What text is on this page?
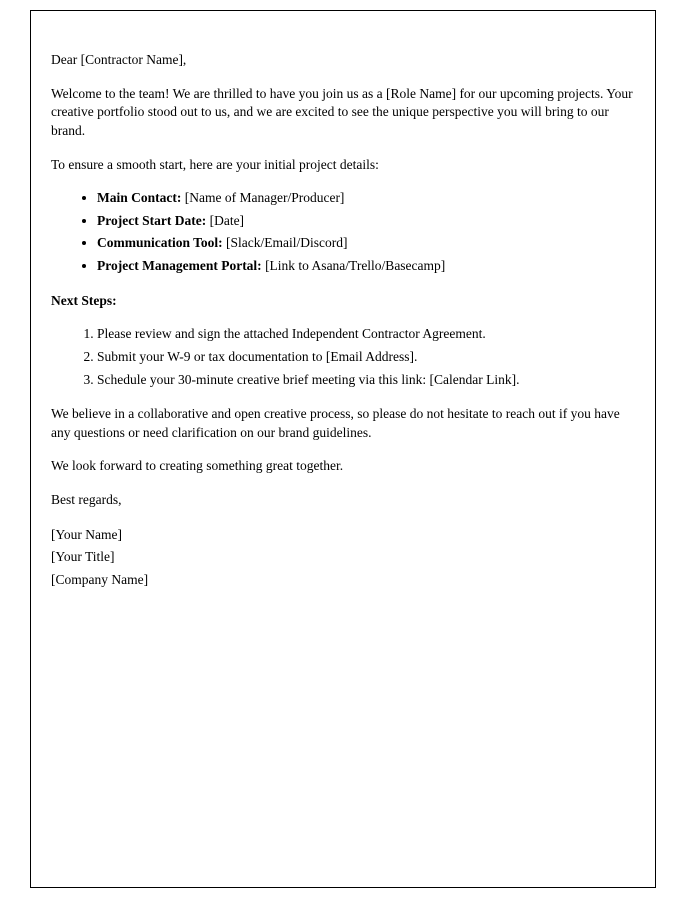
Dear [Contractor Name],

Welcome to the team! We are thrilled to have you join us as a [Role Name] for our upcoming projects. Your creative portfolio stood out to us, and we are excited to see the unique perspective you will bring to our brand.

To ensure a smooth start, here are your initial project details:

• Main Contact: [Name of Manager/Producer]
• Project Start Date: [Date]
• Communication Tool: [Slack/Email/Discord]
• Project Management Portal: [Link to Asana/Trello/Basecamp]

Next Steps:

1. Please review and sign the attached Independent Contractor Agreement.
2. Submit your W-9 or tax documentation to [Email Address].
3. Schedule your 30-minute creative brief meeting via this link: [Calendar Link].

We believe in a collaborative and open creative process, so please do not hesitate to reach out if you have any questions or need clarification on our brand guidelines.

We look forward to creating something great together.

Best regards,

[Your Name]
[Your Title]
[Company Name]
